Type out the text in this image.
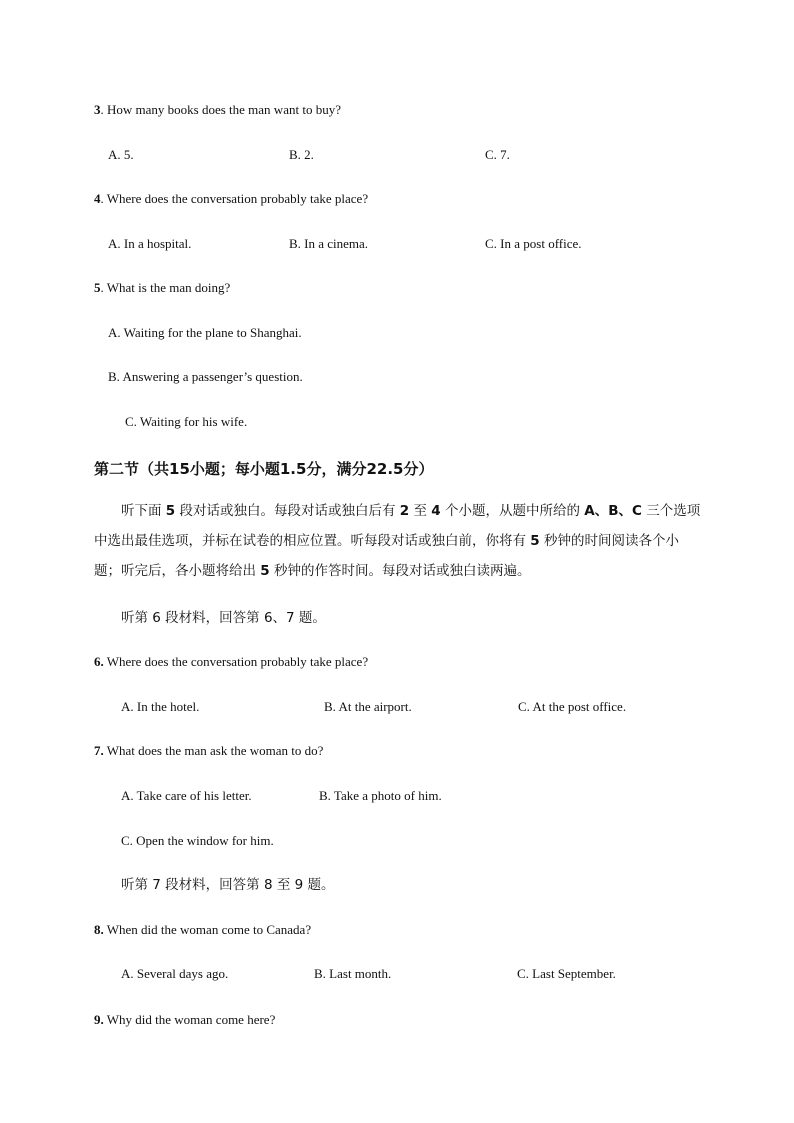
3. How many books does the man want to buy?
A. 5.	B. 2.	C. 7.
4. Where does the conversation probably take place?
A. In a hospital.	B. In a cinema.	C. In a post office.
5. What is the man doing?
A. Waiting for the plane to Shanghai.
B. Answering a passenger’s question.
C. Waiting for his wife.
第二节（共15小题；每小题1.5分，满分22.5分）
听下面 5 段对话或独白。每段对话或独白后有 2 至 4 个小题，从题中所给的 A、B、C 三个选项中选出最佳选项，并标在试卷的相应位置。听每段对话或独白前，你将有 5 秒钟的时间阅读各个小题；听完后，各小题将给出 5 秒钟的作答时间。每段对话或独白读两遍。
听第 6 段材料，回答第 6、7 题。
6. Where does the conversation probably take place?
A. In the hotel.	B. At the airport.	C. At the post office.
7. What does the man ask the woman to do?
A. Take care of his letter.	B. Take a photo of him.
C. Open the window for him.
听第 7 段材料，回答第 8 至 9 题。
8. When did the woman come to Canada?
A. Several days ago.	B. Last month.	C. Last September.
9. Why did the woman come here?
